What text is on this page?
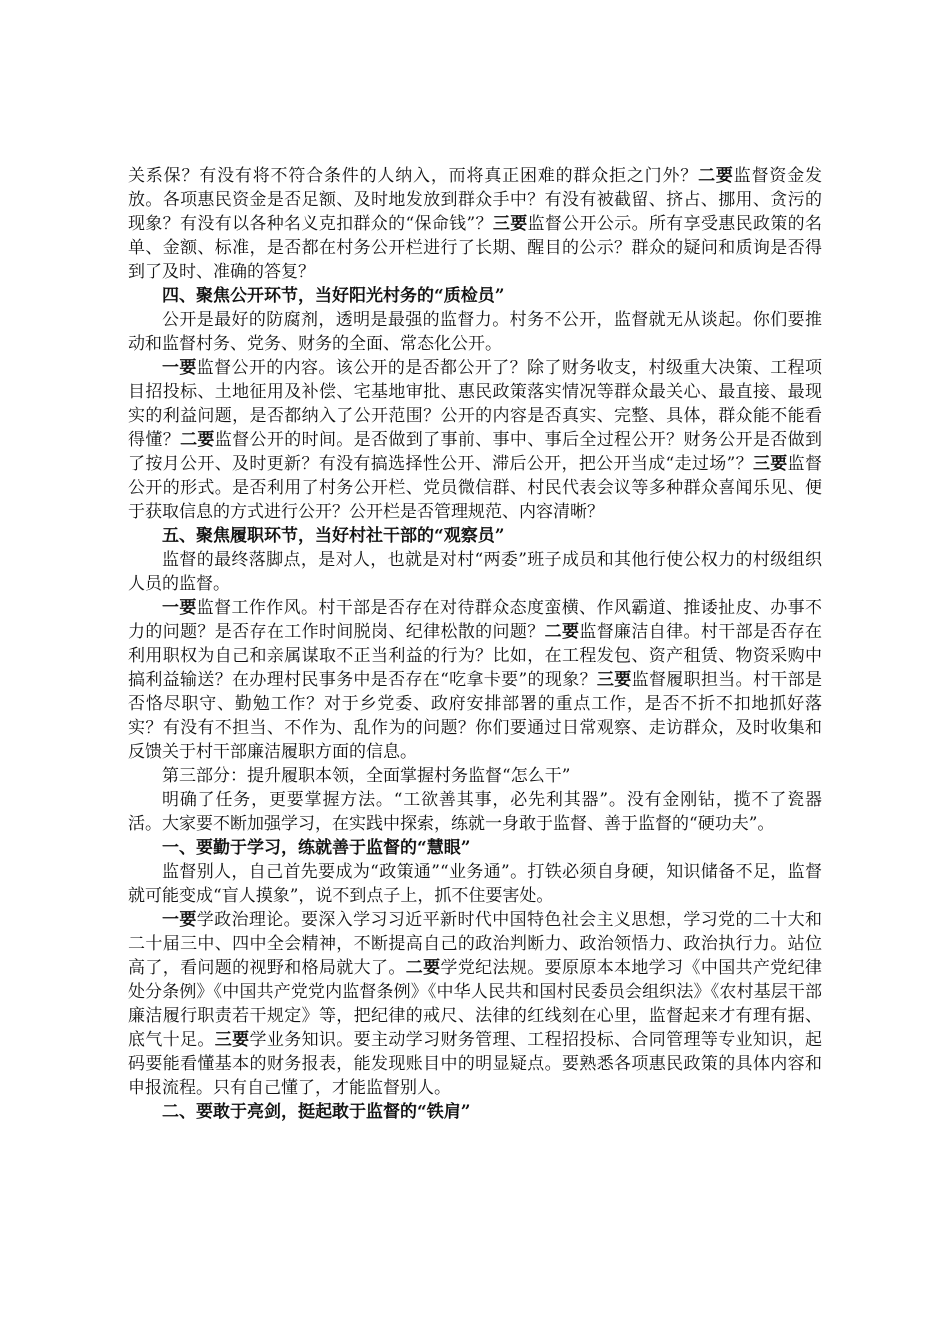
关系保？有没有将不符合条件的人纳入，而将真正困难的群众拒之门外？二要监督资金发放。各项惠民资金是否足额、及时地发放到群众手中？有没有被截留、挤占、挪用、贪污的现象？有没有以各种名义克扣群众的“保命钱”？三要监督公开公示。所有享受惠民政策的名单、金额、标准，是否都在村务公开栏进行了长期、醒目的公示？群众的疑问和质询是否得到了及时、准确的答复？

四、聚焦公开环节，当好阳光村务的“质检员”

公开是最好的防腐剂，透明是最强的监督力。村务不公开，监督就无从谈起。你们要推动和监督村务、党务、财务的全面、常态化公开。

一要监督公开的内容。该公开的是否都公开了？除了财务收支，村级重大决策、工程项目招投标、土地征用及补偿、宅基地审批、惠民政策落实情况等群众最关心、最直接、最现实的利益问题，是否都纳入了公开范围？公开的内容是否真实、完整、具体，群众能不能看得懂？二要监督公开的时间。是否做到了事前、事中、事后全过程公开？财务公开是否做到了按月公开、及时更新？有没有搞选择性公开、滞后公开，把公开当成“走过场”？三要监督公开的形式。是否利用了村务公开栏、党员微信群、村民代表会议等多种群众喜闻乐见、便于获取信息的方式进行公开？公开栏是否管理规范、内容清晰？

五、聚焦履职环节，当好村社干部的“观察员”

监督的最终落脚点，是对人，也就是对村“两委”班子成员和其他行使公权力的村级组织人员的监督。

一要监督工作作风。村干部是否存在对待群众态度蛮横、作风霸道、推诿扯皮、办事不力的问题？是否存在工作时间脱岗、纪律松散的问题？二要监督廉洁自律。村干部是否存在利用职权为自己和亲属谋取不正当利益的行为？比如，在工程发包、资产租赁、物资采购中搞利益输送？在办理村民事务中是否存在“吃拿卡要”的现象？三要监督履职担当。村干部是否恪尽职守、勤勉工作？对于乡党委、政府安排部署的重点工作，是否不折不扣地抓好落实？有没有不担当、不作为、乱作为的问题？你们要通过日常观察、走访群众，及时收集和反馈关于村干部廉洁履职方面的信息。

第三部分：提升履职本领，全面掌握村务监督“怎么干”

明确了任务，更要掌握方法。“工欲善其事，必先利其器”。没有金刚钻，揽不了瓷器活。大家要不断加强学习，在实践中探索，练就一身敢于监督、善于监督的“硬功夫”。

一、要勤于学习，练就善于监督的“慧眼”

监督别人，自己首先要成为“政策通”“业务通”。打铁必须自身硬，知识储备不足，监督就可能变成“盲人摸象”，说不到点子上，抓不住要害处。

一要学政治理论。要深入学习习近平新时代中国特色社会主义思想，学习党的二十大和二十届三中、四中全会精神，不断提高自己的政治判断力、政治领悟力、政治执行力。站位高了，看问题的视野和格局就大了。二要学党纪法规。要原原本本地学习《中国共产党纪律处分条例》《中国共产党党内监督条例》《中华人民共和国村民委员会组织法》《农村基层干部廉洁履行职责若干规定》等，把纪律的戒尺、法律的红线刻在心里，监督起来才有理有据、底气十足。三要学业务知识。要主动学习财务管理、工程招投标、合同管理等专业知识，起码要能看懂基本的财务报表，能发现账目中的明显疑点。要熟悉各项惠民政策的具体内容和申报流程。只有自己懂了，才能监督别人。

二、要敢于亮剑，挺起敢于监督的“铁肩”
